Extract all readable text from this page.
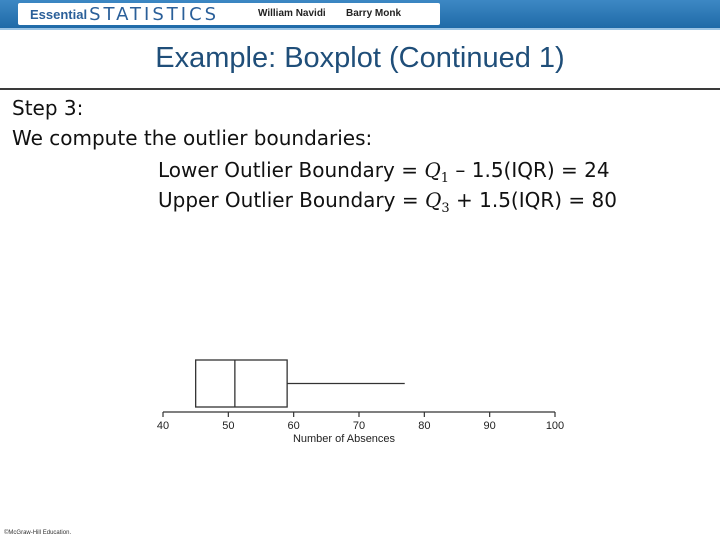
Essential STATISTICS	William Navidi Barry Monk
Example: Boxplot (Continued 1)
Step 3:
We compute the outlier boundaries:
Lower Outlier Boundary = $Q_1 - 1.5(IQR) = 24$
Upper Outlier Boundary = $Q_3 + 1.5(IQR) = 80$
40	50	60	70	80	90	100
Number of Absences
©McGraw-Hill Education.
